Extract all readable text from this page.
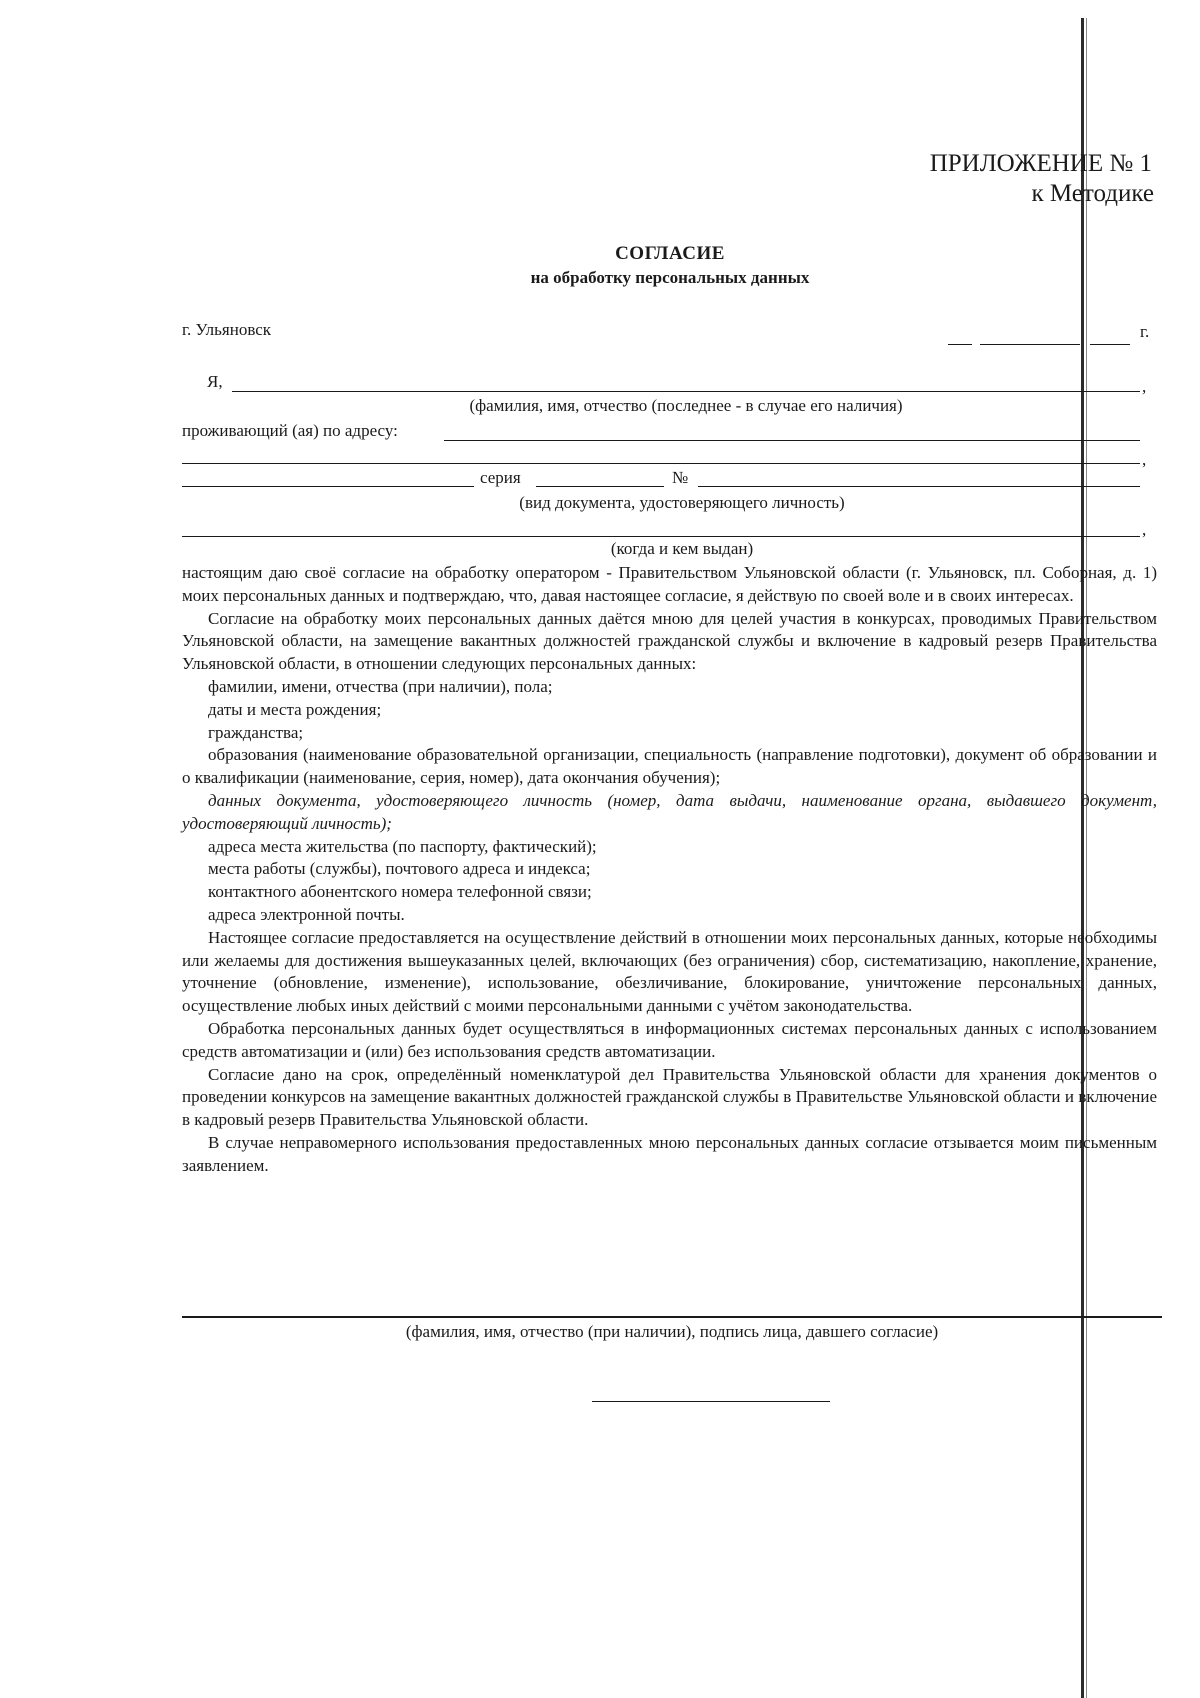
ПРИЛОЖЕНИЕ № 1
к Методике
СОГЛАСИЕ
на обработку персональных данных
г. Ульяновск	г.
Я,	,
(фамилия, имя, отчество (последнее - в случае его наличия)
проживающий (ая) по адресу:
,
серия	№
(вид документа, удостоверяющего личность)
,
(когда и кем выдан)

настоящим даю своё согласие на обработку оператором - Правительством Ульяновской области (г. Ульяновск, пл. Соборная, д. 1) моих персональных данных и подтверждаю, что, давая настоящее согласие, я действую по своей воле и в своих интересах.

Согласие на обработку моих персональных данных даётся мною для целей участия в конкурсах, проводимых Правительством Ульяновской области, на замещение вакантных должностей гражданской службы и включение в кадровый резерв Правительства Ульяновской области, в отношении следующих персональных данных:

фамилии, имени, отчества (при наличии), пола;

даты и места рождения;

гражданства;

образования (наименование образовательной организации, специальность (направление подготовки), документ об образовании и о квалификации (наименование, серия, номер), дата окончания обучения);

данных документа, удостоверяющего личность (номер, дата выдачи, наименование органа, выдавшего документ, удостоверяющий личность);

адреса места жительства (по паспорту, фактический);

места работы (службы), почтового адреса и индекса;

контактного абонентского номера телефонной связи;

адреса электронной почты.

Настоящее согласие предоставляется на осуществление действий в отношении моих персональных данных, которые необходимы или желаемы для достижения вышеуказанных целей, включающих (без ограничения) сбор, систематизацию, накопление, хранение, уточнение (обновление, изменение), использование, обезличивание, блокирование, уничтожение персональных данных, осуществление любых иных действий с моими персональными данными с учётом законодательства.

Обработка персональных данных будет осуществляться в информационных системах персональных данных с использованием средств автоматизации и (или) без использования средств автоматизации.

Согласие дано на срок, определённый номенклатурой дел Правительства Ульяновской области для хранения документов о проведении конкурсов на замещение вакантных должностей гражданской службы в Правительстве Ульяновской области и включение в кадровый резерв Правительства Ульяновской области.

В случае неправомерного использования предоставленных мною персональных данных согласие отзывается моим письменным заявлением.

(фамилия, имя, отчество (при наличии), подпись лица, давшего согласие)
